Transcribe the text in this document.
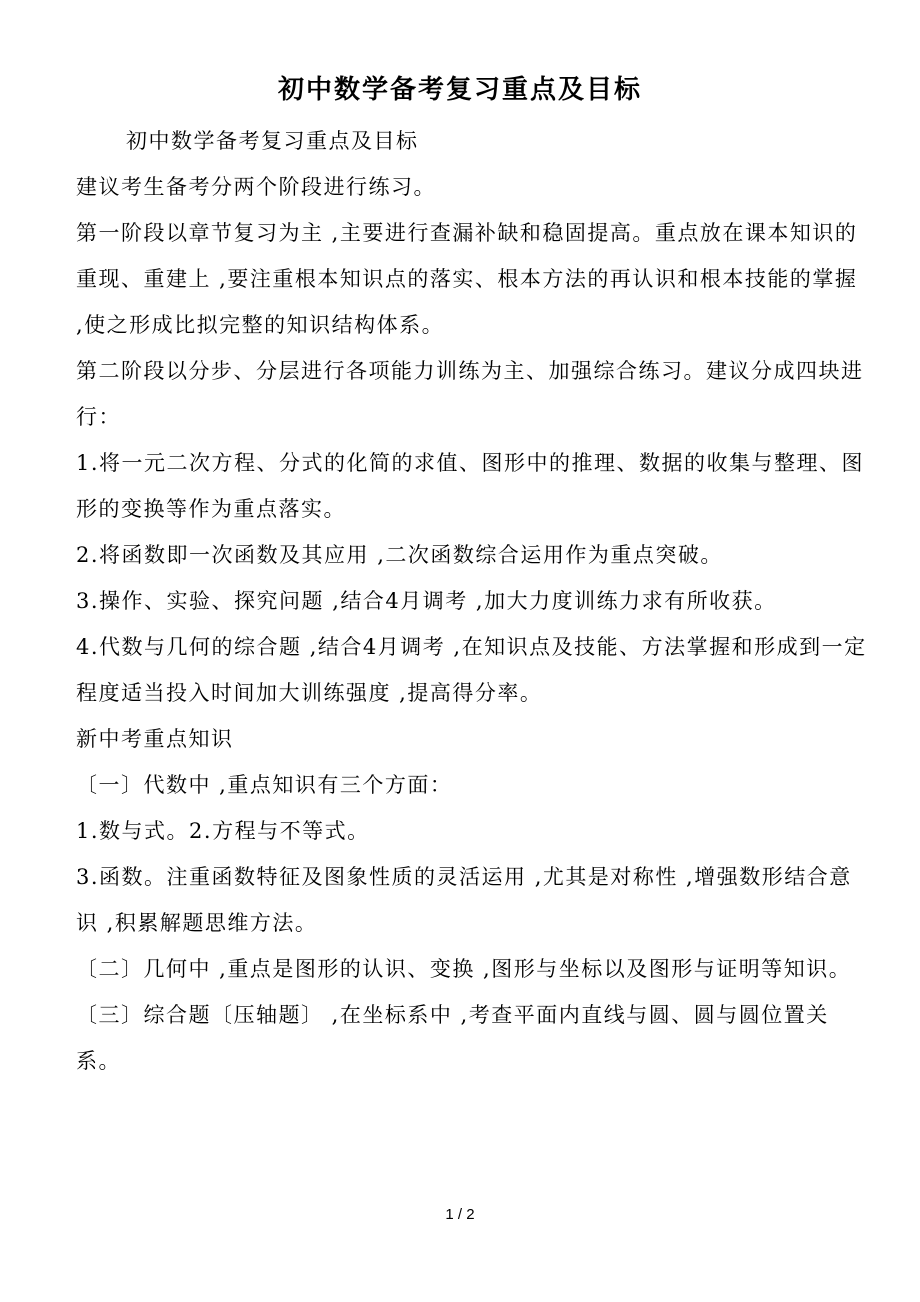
初中数学备考复习重点及目标

初中数学备考复习重点及目标

建议考生备考分两个阶段进行练习。

第一阶段以章节复习为主 ,主要进行查漏补缺和稳固提高。重点放在课本知识的重现、重建上 ,要注重根本知识点的落实、根本方法的再认识和根本技能的掌握 ,使之形成比拟完整的知识结构体系。

第二阶段以分步、分层进行各项能力训练为主、加强综合练习。建议分成四块进行：

1.将一元二次方程、分式的化简的求值、图形中的推理、数据的收集与整理、图形的变换等作为重点落实。

2.将函数即一次函数及其应用 ,二次函数综合运用作为重点突破。

3.操作、实验、探究问题 ,结合4月调考 ,加大力度训练力求有所收获。

4.代数与几何的综合题 ,结合4月调考 ,在知识点及技能、方法掌握和形成到一定程度适当投入时间加大训练强度 ,提高得分率。

新中考重点知识

〔一〕代数中 ,重点知识有三个方面：

1.数与式。2.方程与不等式。

3.函数。注重函数特征及图象性质的灵活运用 ,尤其是对称性 ,增强数形结合意识 ,积累解题思维方法。

〔二〕几何中 ,重点是图形的认识、变换 ,图形与坐标以及图形与证明等知识。

〔三〕综合题〔压轴题〕 ,在坐标系中 ,考查平面内直线与圆、圆与圆位置关系。

1 / 2
